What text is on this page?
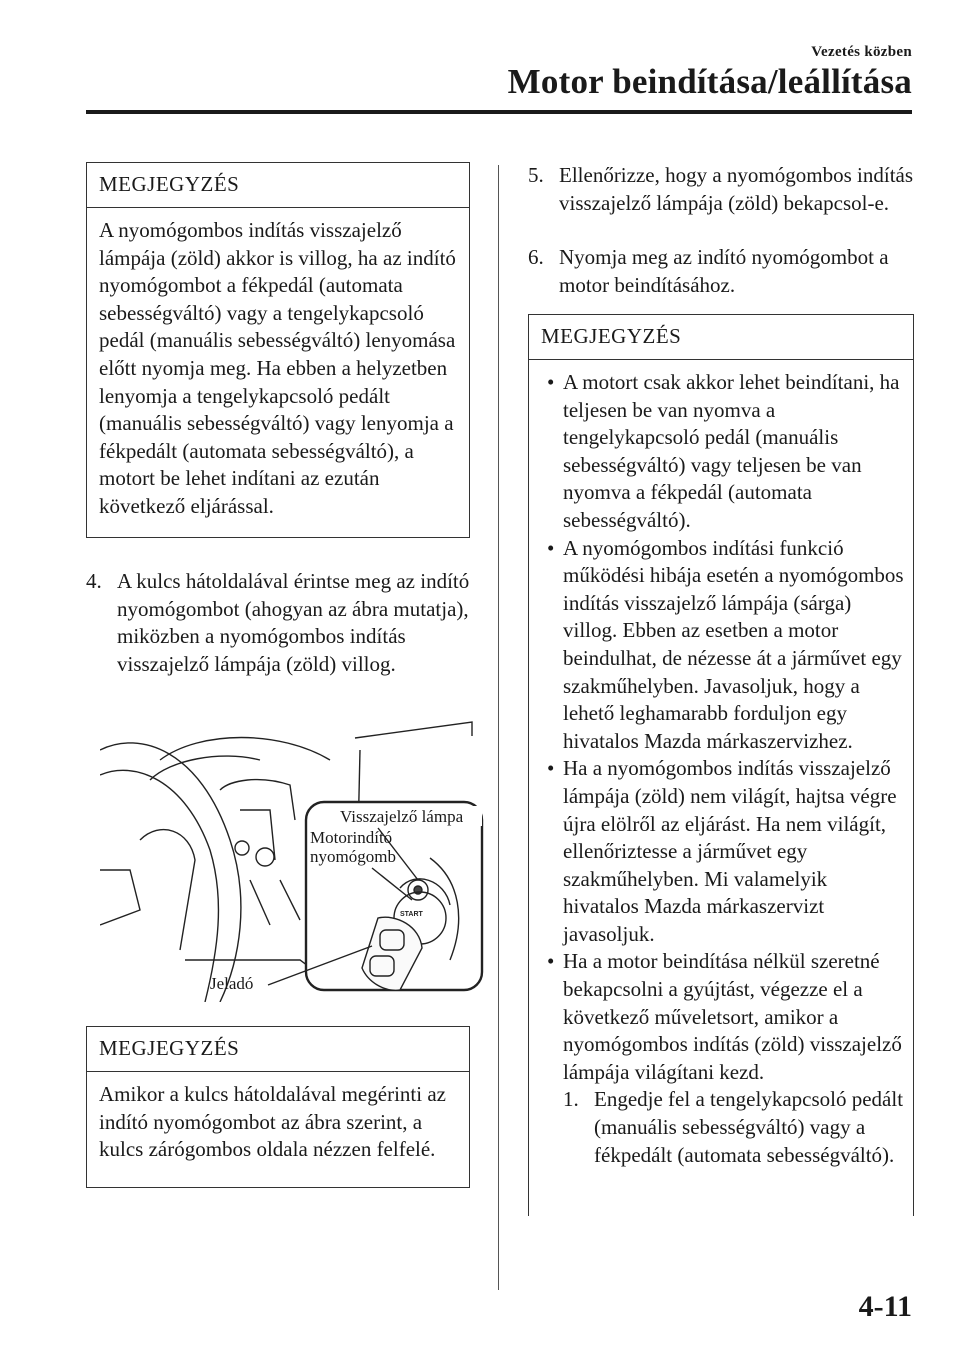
Vezetés közben
Motor beindítása/leállítása
MEGJEGYZÉS

A nyomógombos indítás visszajelző lámpája (zöld) akkor is villog, ha az indító nyomógombot a fékpedál (automata sebességváltó) vagy a tengelykapcsoló pedál (manuális sebességváltó) lenyomása előtt nyomja meg. Ha ebben a helyzetben lenyomja a tengelykapcsoló pedált (manuális sebességváltó) vagy lenyomja a fékpedált (automata sebességváltó), a motort be lehet indítani az ezután következő eljárással.

4. A kulcs hátoldalával érintse meg az indító nyomógombot (ahogyan az ábra mutatja), miközben a nyomógombos indítás visszajelző lámpája (zöld) villog.
START
Visszajelző lámpa
Motorindító
nyomógomb
Jeladó
MEGJEGYZÉS

Amikor a kulcs hátoldalával megérinti az indító nyomógombot az ábra szerint, a kulcs zárógombos oldala nézzen felfelé.

5. Ellenőrizze, hogy a nyomógombos indítás visszajelző lámpája (zöld) bekapcsol-e.
6. Nyomja meg az indító nyomógombot a motor beindításához.
MEGJEGYZÉS
• A motort csak akkor lehet beindítani, ha teljesen be van nyomva a tengelykapcsoló pedál (manuális sebességváltó) vagy teljesen be van nyomva a fékpedál (automata sebességváltó).
• A nyomógombos indítási funkció működési hibája esetén a nyomógombos indítás visszajelző lámpája (sárga) villog. Ebben az esetben a motor beindulhat, de nézesse át a járművet egy szakműhelyben. Javasoljuk, hogy a lehető leghamarabb forduljon egy hivatalos Mazda márkaszervizhez.
• Ha a nyomógombos indítás visszajelző lámpája (zöld) nem világít, hajtsa végre újra elölről az eljárást. Ha nem világít, ellenőriztesse a járművet egy szakműhelyben. Mi valamelyik hivatalos Mazda márkaszervizt javasoljuk.
• Ha a motor beindítása nélkül szeretné bekapcsolni a gyújtást, végezze el a következő műveletsort, amikor a nyomógombos indítás (zöld) visszajelző lámpája világítani kezd.
1. Engedje fel a tengelykapcsoló pedált (manuális sebességváltó) vagy a fékpedált (automata sebességváltó).
4-11
